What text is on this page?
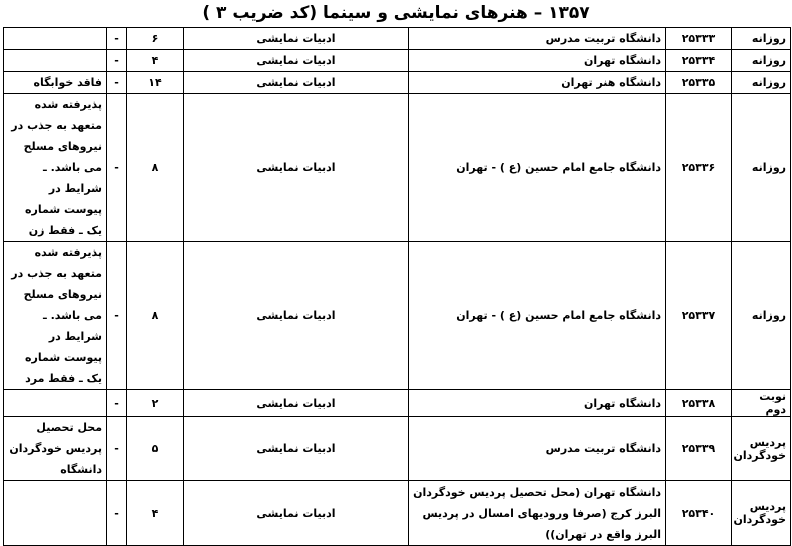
۱۳۵۷ – هنرهای نمایشی و سینما (کد ضریب ۳ )
روزانه	۲۵۳۳۳	دانشگاه تربیت مدرس	ادبیات نمایشی	۶	-	
روزانه	۲۵۳۳۴	دانشگاه تهران	ادبیات نمایشی	۴	-	
روزانه	۲۵۳۳۵	دانشگاه هنر تهران	ادبیات نمایشی	۱۴	-	فاقد خوابگاه
روزانه	۲۵۳۳۶	دانشگاه جامع امام حسین (ع ) - تهران	ادبیات نمایشی	۸	-	پذیرفته شده متعهد به جذب در نیروهای مسلح می باشد. ـ شرایط در پیوست شماره یک ـ فقط زن
روزانه	۲۵۳۳۷	دانشگاه جامع امام حسین (ع ) - تهران	ادبیات نمایشی	۸	-	پذیرفته شده متعهد به جذب در نیروهای مسلح می باشد. ـ شرایط در پیوست شماره یک ـ فقط مرد
نوبت دوم	۲۵۳۳۸	دانشگاه تهران	ادبیات نمایشی	۲	-	
پردیس خودگردان	۲۵۳۳۹	دانشگاه تربیت مدرس	ادبیات نمایشی	۵	-	محل تحصیل پردیس خودگردان دانشگاه
پردیس خودگردان	۲۵۳۴۰	دانشگاه تهران (محل تحصیل پردیس خودگردان البرز کرج (صرفا ورودیهای امسال در پردیس البرز واقع در تهران))	ادبیات نمایشی	۴	-	
